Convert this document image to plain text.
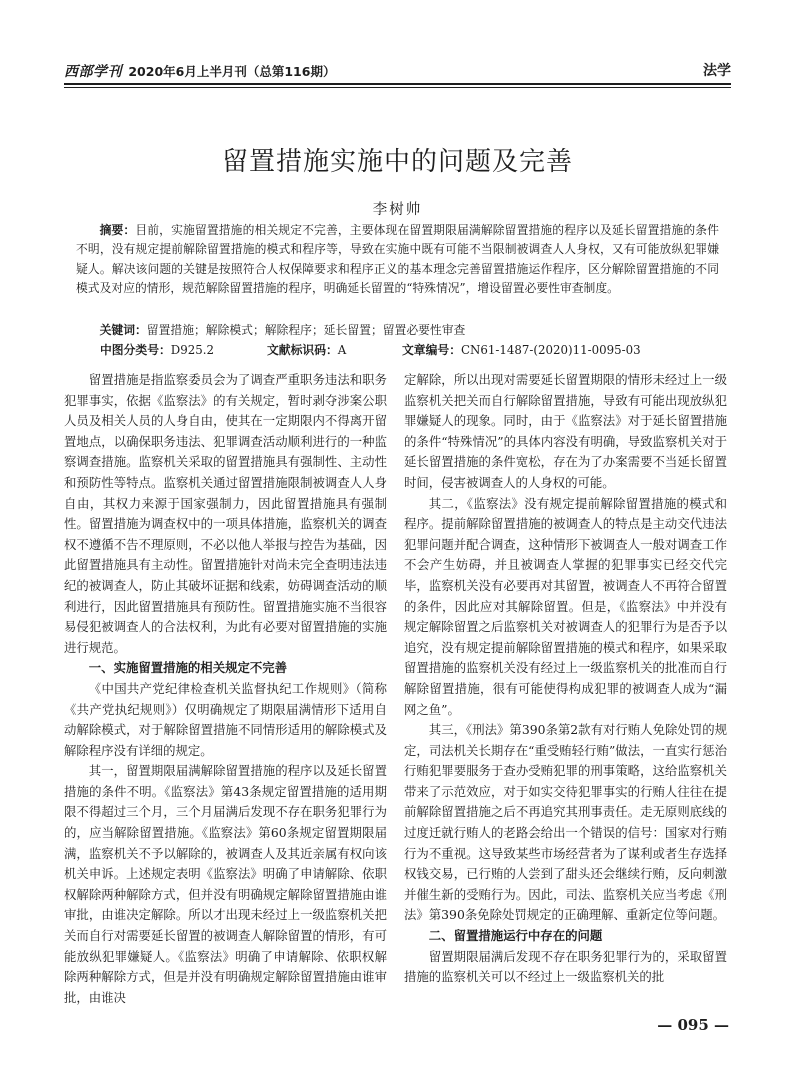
西部学刊 2020年6月上半月刊（总第116期）	法学
留置措施实施中的问题及完善
李树帅
摘要：目前，实施留置措施的相关规定不完善，主要体现在留置期限届满解除留置措施的程序以及延长留置措施的条件不明，没有规定提前解除留置措施的模式和程序等，导致在实施中既有可能不当限制被调查人人身权，又有可能放纵犯罪嫌疑人。解决该问题的关键是按照符合人权保障要求和程序正义的基本理念完善留置措施运作程序，区分解除留置措施的不同模式及对应的情形，规范解除留置措施的程序，明确延长留置的“特殊情况”，增设留置必要性审查制度。
关键词：留置措施；解除模式；解除程序；延长留置；留置必要性审查
中图分类号：D925.2	文献标识码：A	文章编号：CN61-1487-(2020)11-0095-03

留置措施是指监察委员会为了调查严重职务违法和职务犯罪事实，依据《监察法》的有关规定，暂时剥夺涉案公职人员及相关人员的人身自由，使其在一定期限内不得离开留置地点，以确保职务违法、犯罪调查活动顺利进行的一种监察调查措施。监察机关采取的留置措施具有强制性、主动性和预防性等特点。监察机关通过留置措施限制被调查人人身自由，其权力来源于国家强制力，因此留置措施具有强制性。留置措施为调查权中的一项具体措施，监察机关的调查权不遵循不告不理原则，不必以他人举报与控告为基础，因此留置措施具有主动性。留置措施针对尚未完全查明违法违纪的被调查人，防止其破坏证据和线索，妨碍调查活动的顺利进行，因此留置措施具有预防性。留置措施实施不当很容易侵犯被调查人的合法权利，为此有必要对留置措施的实施进行规范。

一、实施留置措施的相关规定不完善

《中国共产党纪律检查机关监督执纪工作规则》（简称《共产党执纪规则》）仅明确规定了期限届满情形下适用自动解除模式，对于解除留置措施不同情形适用的解除模式及解除程序没有详细的规定。

其一，留置期限届满解除留置措施的程序以及延长留置措施的条件不明。《监察法》第43条规定留置措施的适用期限不得超过三个月，三个月届满后发现不存在职务犯罪行为的，应当解除留置措施。《监察法》第60条规定留置期限届满，监察机关不予以解除的，被调查人及其近亲属有权向该机关申诉。上述规定表明《监察法》明确了申请解除、依职权解除两种解除方式，但并没有明确规定解除留置措施由谁审批，由谁决定解除。所以才出现未经过上一级监察机关把关而自行对需要延长留置的被调查人解除留置的情形，有可能放纵犯罪嫌疑人。《监察法》明确了申请解除、依职权解除两种解除方式，但是并没有明确规定解除留置措施由谁审批，由谁决

定解除，所以出现对需要延长留置期限的情形未经过上一级监察机关把关而自行解除留置措施，导致有可能出现放纵犯罪嫌疑人的现象。同时，由于《监察法》对于延长留置措施的条件“特殊情况”的具体内容没有明确，导致监察机关对于延长留置措施的条件宽松，存在为了办案需要不当延长留置时间，侵害被调查人的人身权的可能。

其二，《监察法》没有规定提前解除留置措施的模式和程序。提前解除留置措施的被调查人的特点是主动交代违法犯罪问题并配合调查，这种情形下被调查人一般对调查工作不会产生妨碍，并且被调查人掌握的犯罪事实已经交代完毕，监察机关没有必要再对其留置，被调查人不再符合留置的条件，因此应对其解除留置。但是，《监察法》中并没有规定解除留置之后监察机关对被调查人的犯罪行为是否予以追究，没有规定提前解除留置措施的模式和程序，如果采取留置措施的监察机关没有经过上一级监察机关的批准而自行解除留置措施，很有可能使得构成犯罪的被调查人成为“漏网之鱼”。

其三，《刑法》第390条第2款有对行贿人免除处罚的规定，司法机关长期存在“重受贿轻行贿”做法，一直实行惩治行贿犯罪要服务于查办受贿犯罪的刑事策略，这给监察机关带来了示范效应，对于如实交待犯罪事实的行贿人往往在提前解除留置措施之后不再追究其刑事责任。走无原则底线的过度迁就行贿人的老路会给出一个错误的信号：国家对行贿行为不重视。这导致某些市场经营者为了谋利或者生存选择权钱交易，已行贿的人尝到了甜头还会继续行贿，反向刺激并催生新的受贿行为。因此，司法、监察机关应当考虑《刑法》第390条免除处罚规定的正确理解、重新定位等问题。

二、留置措施运行中存在的问题

留置期限届满后发现不存在职务犯罪行为的，采取留置措施的监察机关可以不经过上一级监察机关的批

— 095 —
